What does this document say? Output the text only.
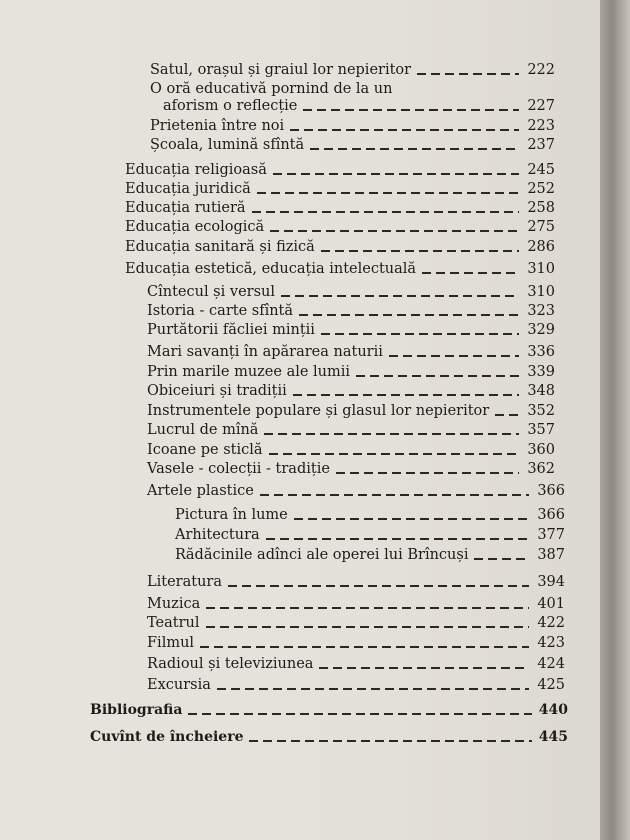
Satul, orașul și graiul lor nepieritor	222
O oră educativă pornind de la un
aforism o reflecție	227
Prietenia între noi	223
Școala, lumină sfîntă	237
Educația religioasă	245
Educația juridică	252
Educația rutieră	258
Educația ecologică	275
Educația sanitară și fizică	286
Educația estetică, educația intelectuală	310
Cîntecul și versul	310
Istoria - carte sfîntă	323
Purtătorii făcliei minții	329
Mari savanți în apărarea naturii	336
Prin marile muzee ale lumii	339
Obiceiuri și tradiții	348
Instrumentele populare și glasul lor nepieritor	352
Lucrul de mînă	357
Icoane pe sticlă	360
Vasele - colecții - tradiție	362
Artele plastice	366
Pictura în lume	366
Arhitectura	377
Rădăcinile adînci ale operei lui Brîncuși	387
Literatura	394
Muzica	401
Teatrul	422
Filmul	423
Radioul și televiziunea	424
Excursia	425
Bibliografia	440
Cuvînt de încheiere	445
